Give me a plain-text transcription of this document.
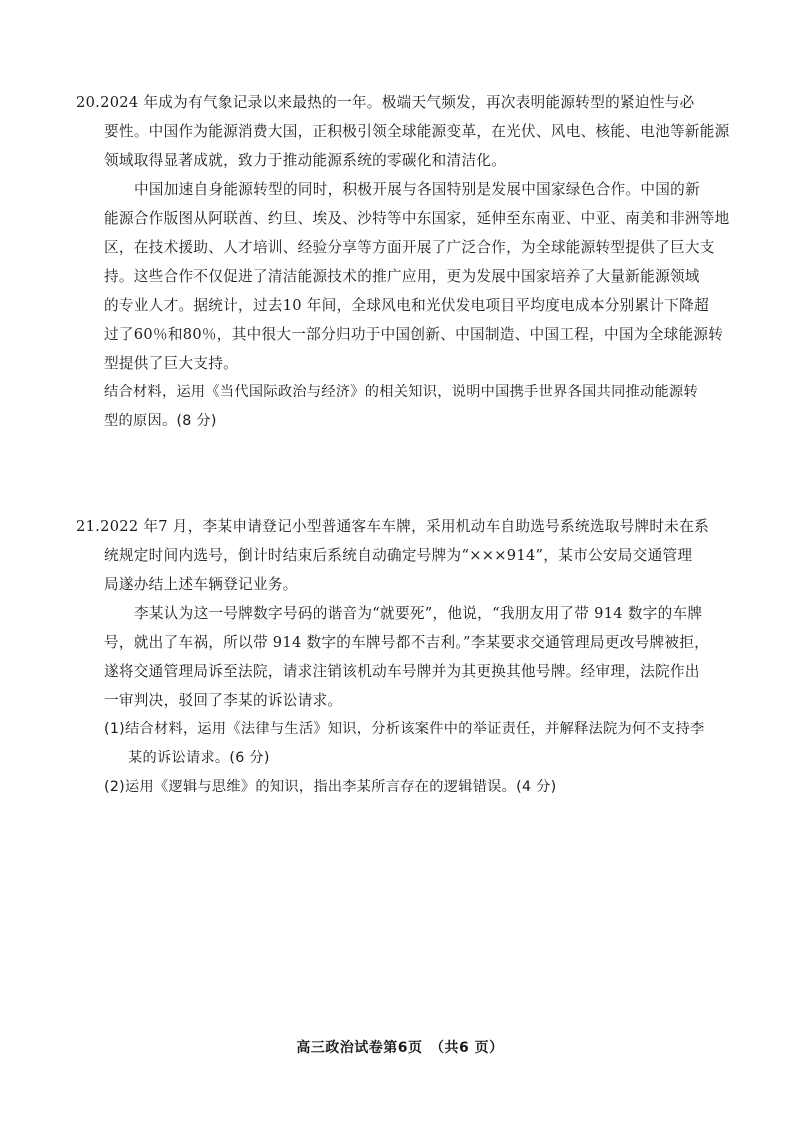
20.2024 年成为有气象记录以来最热的一年。极端天气频发，再次表明能源转型的紧迫性与必
要性。中国作为能源消费大国，正积极引领全球能源变革，在光伏、风电、核能、电池等新能源
领域取得显著成就，致力于推动能源系统的零碳化和清洁化。
中国加速自身能源转型的同时，积极开展与各国特别是发展中国家绿色合作。中国的新
能源合作版图从阿联酋、约旦、埃及、沙特等中东国家，延伸至东南亚、中亚、南美和非洲等地
区，在技术援助、人才培训、经验分享等方面开展了广泛合作，为全球能源转型提供了巨大支
持。这些合作不仅促进了清洁能源技术的推广应用，更为发展中国家培养了大量新能源领域
的专业人才。据统计，过去10 年间，全球风电和光伏发电项目平均度电成本分别累计下降超
过了60％和80％，其中很大一部分归功于中国创新、中国制造、中国工程，中国为全球能源转
型提供了巨大支持。
结合材料，运用《当代国际政治与经济》的相关知识，说明中国携手世界各国共同推动能源转
型的原因。(8 分)
21.2022 年7 月，李某申请登记小型普通客车车牌，采用机动车自助选号系统选取号牌时未在系
统规定时间内选号，倒计时结束后系统自动确定号牌为“×××914”，某市公安局交通管理
局遂办结上述车辆登记业务。
李某认为这一号牌数字号码的谐音为“就要死”，他说，“我朋友用了带 914 数字的车牌
号，就出了车祸，所以带 914 数字的车牌号都不吉利。”李某要求交通管理局更改号牌被拒，
遂将交通管理局诉至法院，请求注销该机动车号牌并为其更换其他号牌。经审理，法院作出
一审判决，驳回了李某的诉讼请求。
(1)结合材料，运用《法律与生活》知识，分析该案件中的举证责任，并解释法院为何不支持李
某的诉讼请求。(6 分)
(2)运用《逻辑与思维》的知识，指出李某所言存在的逻辑错误。(4 分)
高三政治试卷第6页　（共6 页）
